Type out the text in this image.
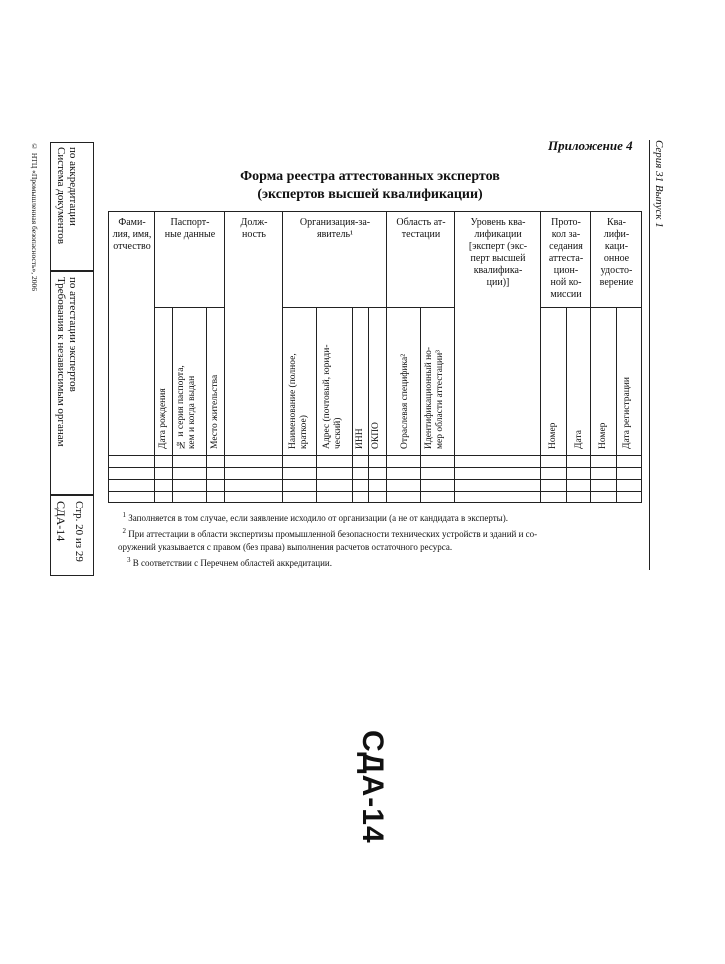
Приложение 4 Серия 31 Выпуск 1
Форма реестра аттестованных экспертов
(экспертов высшей квалификации)
Фами-
лия, имя,
отчество
Паспорт-
ные данные
Долж-
ность
Организация-за-
явитель¹
Область ат-
тестации
Уровень ква-
лификации
[эксперт (экс-
перт высшей
квалифика-
ции)]
Прото-
кол за-
седания
аттеста-
цион-
ной ко-
миссии
Ква-
лифи-
каци-
онное
удосто-
верение
Дата рождения № и серия паспорта,
кем и когда выдан Место жительства	Наименование (полное,
краткое) Адрес (почтовый, юриди-
ческий) ИНН ОКПО Отраслевая специфика² Идентификационный но-
мер области аттестации³
Номер Дата Номер Дата регистрации
$^1$ Заполняется в том случае, если заявление исходило от организации (а не от кандидата в эксперты).
$^2$ При аттестации в области экспертизы промышленной безопасности технических устройств и зданий и со-
оружений указывается с правом (без права) выполнения расчетов остаточного ресурса.
$^3$ В соответствии с Перечнем областей аккредитации.
© НТЦ «Промышленная безопасность», 2006 Система документов
по аккредитации
Требования к независимым органам
по аттестации экспертов
СДА-14 Стр. 20 из 29
СДА-14
